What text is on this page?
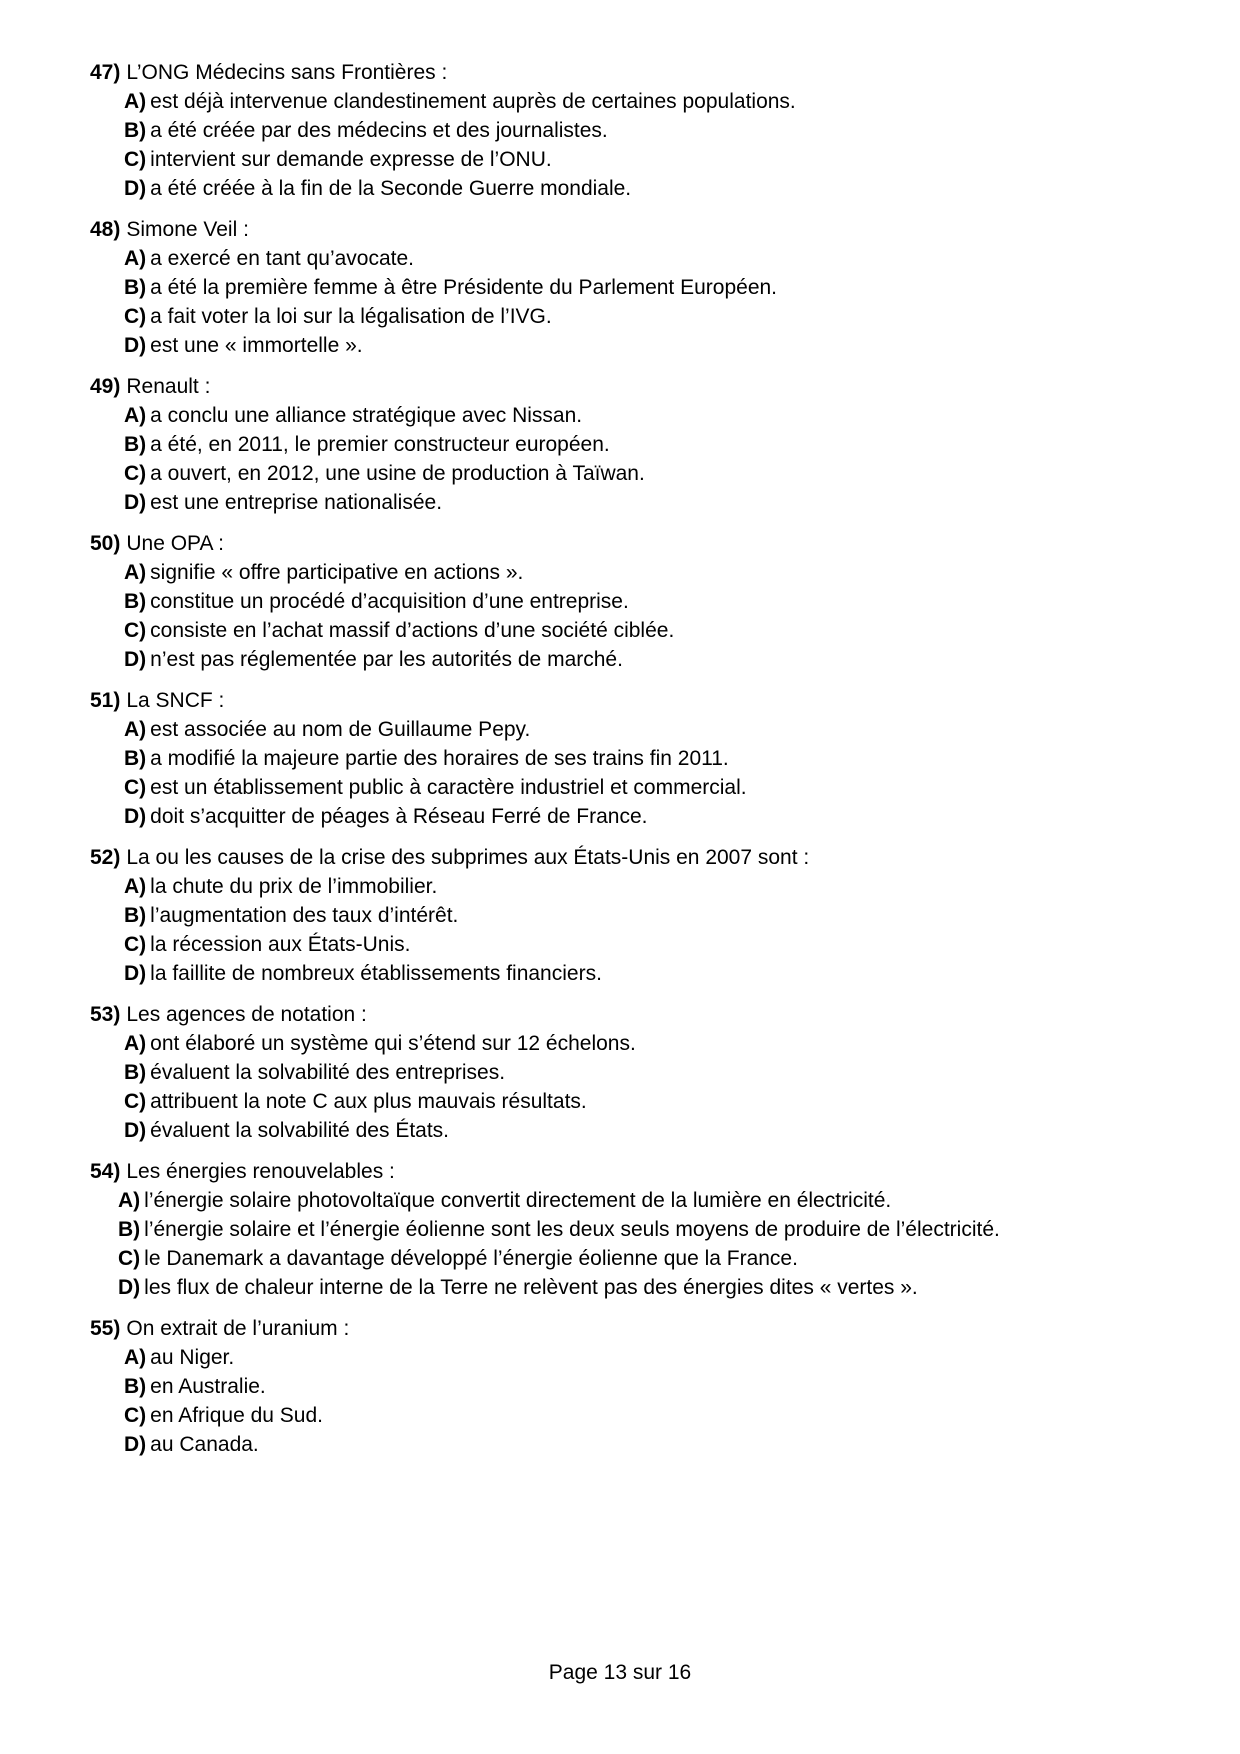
47) L’ONG Médecins sans Frontières :
A) est déjà intervenue clandestinement auprès de certaines populations.
B) a été créée par des médecins et des journalistes.
C) intervient sur demande expresse de l’ONU.
D) a été créée à la fin de la Seconde Guerre mondiale.
48) Simone Veil :
A) a exercé en tant qu’avocate.
B) a été la première femme à être Présidente du Parlement Européen.
C) a fait voter la loi sur la légalisation de l’IVG.
D) est une « immortelle ».
49) Renault :
A) a conclu une alliance stratégique avec Nissan.
B) a été, en 2011, le premier constructeur européen.
C) a ouvert, en 2012, une usine de production à Taïwan.
D) est une entreprise nationalisée.
50) Une OPA :
A) signifie « offre participative en actions ».
B) constitue un procédé d’acquisition d’une entreprise.
C) consiste en l’achat massif d’actions d’une société ciblée.
D) n’est pas réglementée par les autorités de marché.
51) La SNCF :
A) est associée au nom de Guillaume Pepy.
B) a modifié la majeure partie des horaires de ses trains fin 2011.
C) est un établissement public à caractère industriel et commercial.
D) doit s’acquitter de péages à Réseau Ferré de France.
52) La ou les causes de la crise des subprimes aux États-Unis en 2007 sont :
A) la chute du prix de l’immobilier.
B) l’augmentation des taux d’intérêt.
C) la récession aux États-Unis.
D) la faillite de nombreux établissements financiers.
53) Les agences de notation :
A) ont élaboré un système qui s’étend sur 12 échelons.
B) évaluent la solvabilité des entreprises.
C) attribuent la note C aux plus mauvais résultats.
D) évaluent la solvabilité des États.
54) Les énergies renouvelables :
A) l’énergie solaire photovoltaïque convertit directement de la lumière en électricité.
B) l’énergie solaire et l’énergie éolienne sont les deux seuls moyens de produire de l’électricité.
C) le Danemark a davantage développé l’énergie éolienne que la France.
D) les flux de chaleur interne de la Terre ne relèvent pas des énergies dites « vertes ».
55) On extrait de l’uranium :
A) au Niger.
B) en Australie.
C) en Afrique du Sud.
D) au Canada.
Page 13 sur 16
